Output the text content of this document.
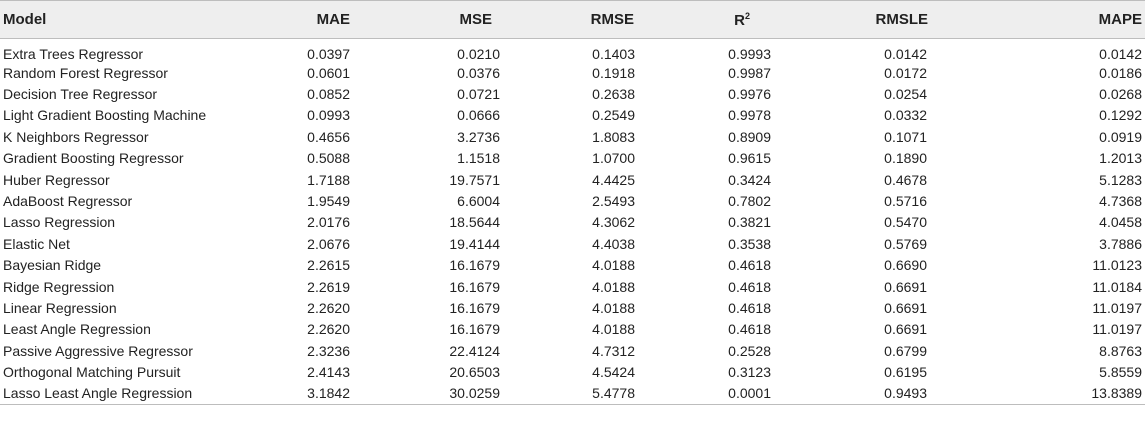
Model	MAE	MSE	RMSE	$R^2$	RMSLE	MAPE
Extra Trees Regressor	0.0397	0.0210	0.1403	0.9993	0.0142	0.0142
Random Forest Regressor	0.0601	0.0376	0.1918	0.9987	0.0172	0.0186
Decision Tree Regressor	0.0852	0.0721	0.2638	0.9976	0.0254	0.0268
Light Gradient Boosting Machine	0.0993	0.0666	0.2549	0.9978	0.0332	0.1292
K Neighbors Regressor	0.4656	3.2736	1.8083	0.8909	0.1071	0.0919
Gradient Boosting Regressor	0.5088	1.1518	1.0700	0.9615	0.1890	1.2013
Huber Regressor	1.7188	19.7571	4.4425	0.3424	0.4678	5.1283
AdaBoost Regressor	1.9549	6.6004	2.5493	0.7802	0.5716	4.7368
Lasso Regression	2.0176	18.5644	4.3062	0.3821	0.5470	4.0458
Elastic Net	2.0676	19.4144	4.4038	0.3538	0.5769	3.7886
Bayesian Ridge	2.2615	16.1679	4.0188	0.4618	0.6690	11.0123
Ridge Regression	2.2619	16.1679	4.0188	0.4618	0.6691	11.0184
Linear Regression	2.2620	16.1679	4.0188	0.4618	0.6691	11.0197
Least Angle Regression	2.2620	16.1679	4.0188	0.4618	0.6691	11.0197
Passive Aggressive Regressor	2.3236	22.4124	4.7312	0.2528	0.6799	8.8763
Orthogonal Matching Pursuit	2.4143	20.6503	4.5424	0.3123	0.6195	5.8559
Lasso Least Angle Regression	3.1842	30.0259	5.4778	0.0001	0.9493	13.8389
